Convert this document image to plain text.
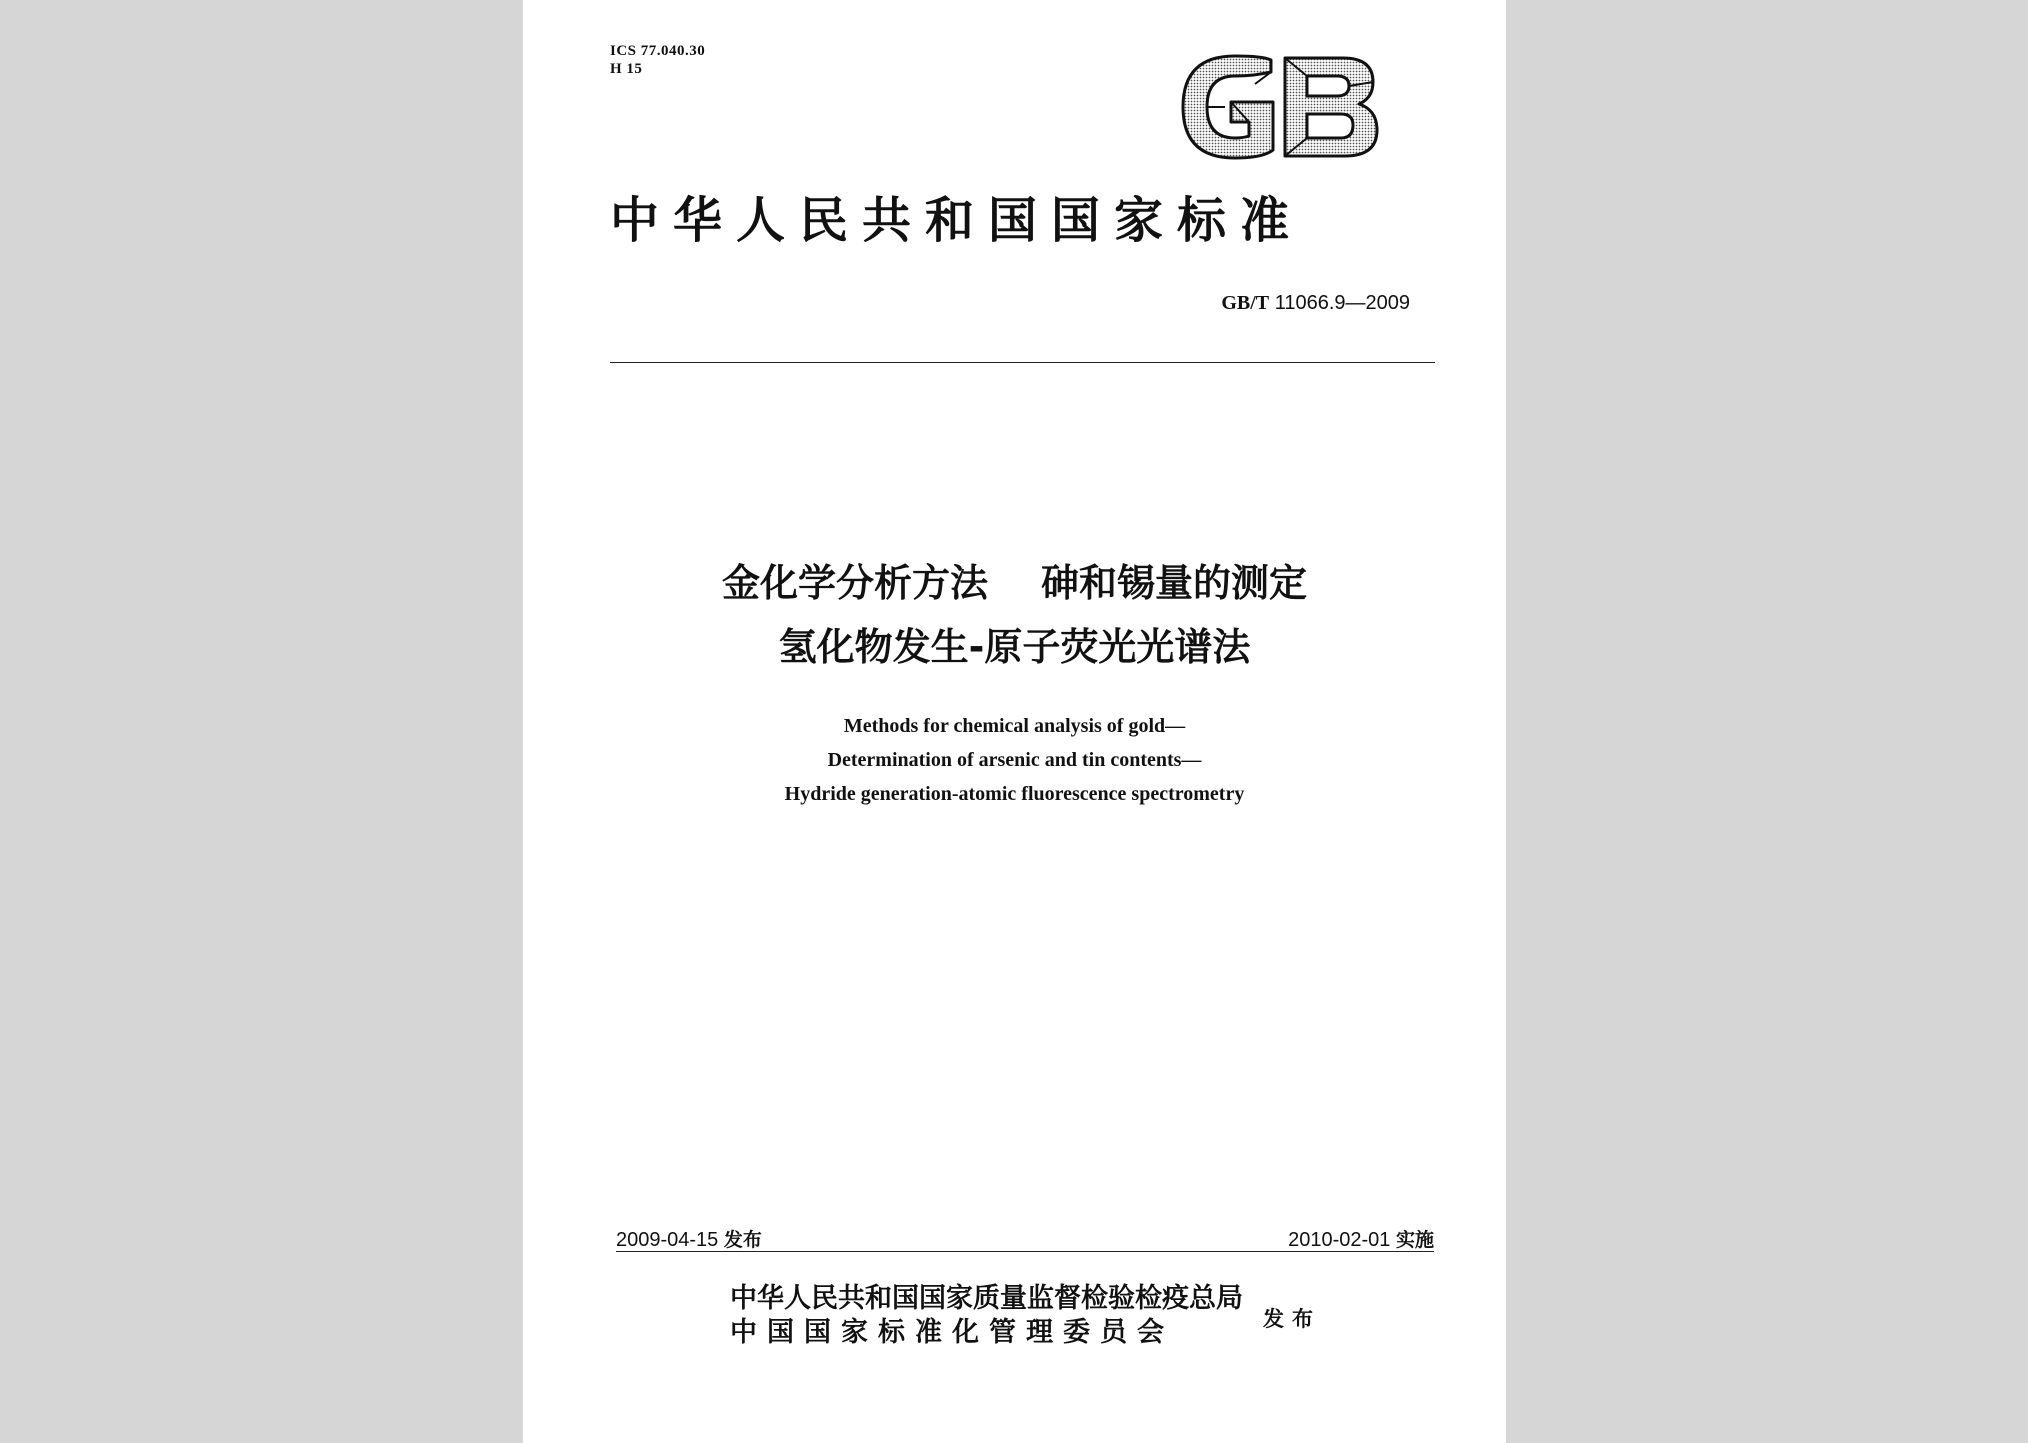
ICS 77.040.30
H 15
中华人民共和国国家标准
GB/T 11066.9—2009
金化学分析方法    砷和锡量的测定
氢化物发生-原子荧光光谱法
Methods for chemical analysis of gold—
Determination of arsenic and tin contents—
Hydride generation-atomic fluorescence spectrometry
2009-04-15 发布	2010-02-01 实施
中华人民共和国国家质量监督检验检疫总局
中国国家标准化管理委员会	发布
